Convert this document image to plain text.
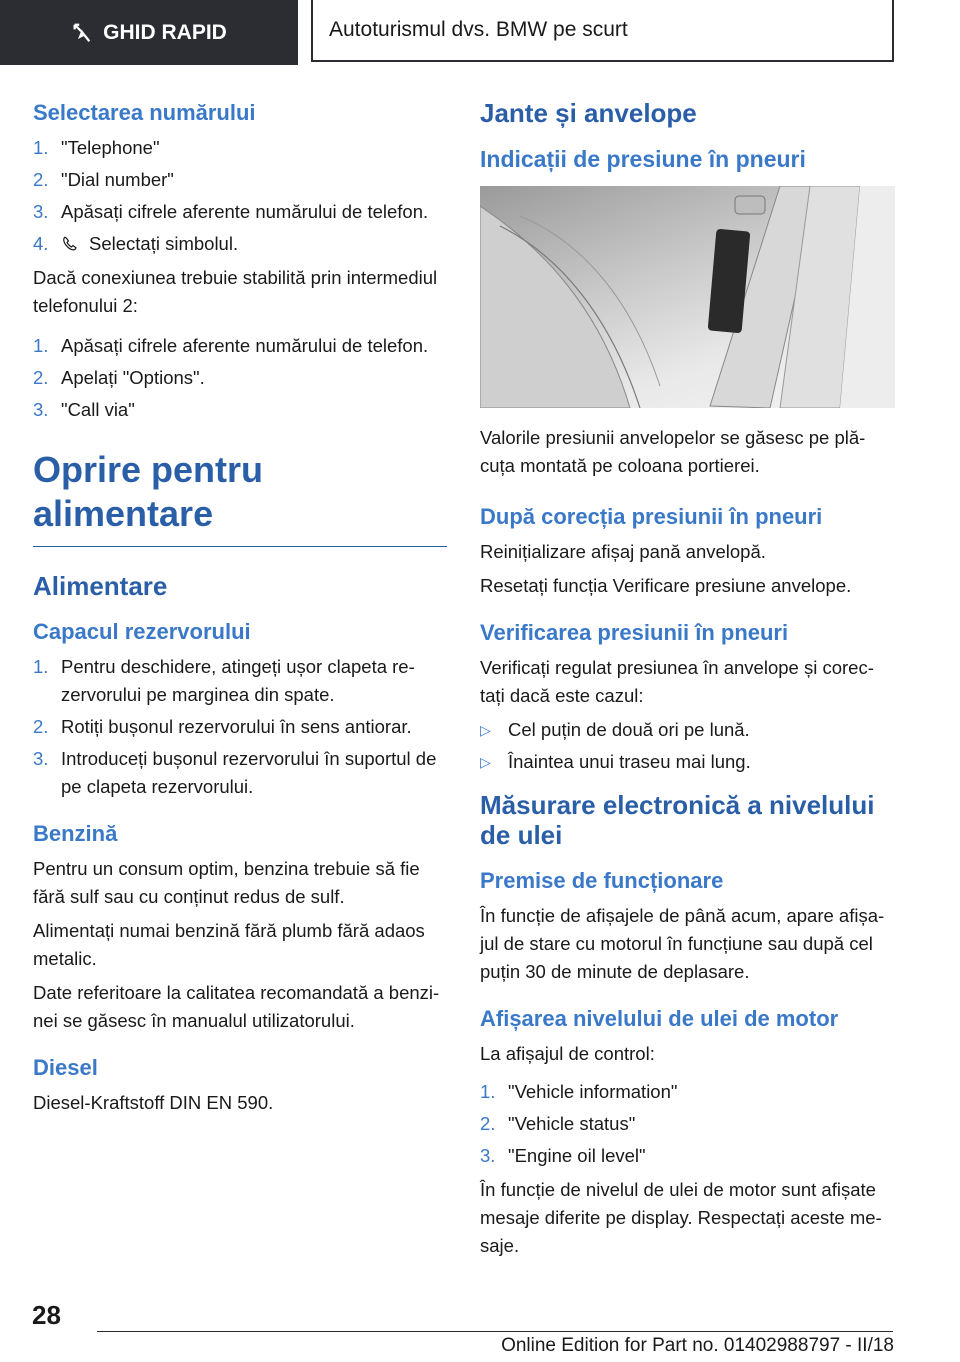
GHID RAPID	Autoturismul dvs. BMW pe scurt
Selectarea numărului
1. "Telephone"
2. "Dial number"
3. Apăsați cifrele aferente numărului de telefon.
4.	Selectați simbolul.
Dacă conexiunea trebuie stabilită prin intermediul telefonului 2:
1. Apăsați cifrele aferente numărului de telefon.
2. Apelați "Options".
3. "Call via"
Oprire pentru alimentare
Alimentare
Capacul rezervorului
1. Pentru deschidere, atingeți ușor clapeta re-zervorului pe marginea din spate.
2. Rotiți bușonul rezervorului în sens antiorar.
3. Introduceți bușonul rezervorului în suportul de pe clapeta rezervorului.
Benzină
Pentru un consum optim, benzina trebuie să fie fără sulf sau cu conținut redus de sulf.
Alimentați numai benzină fără plumb fără adaos metalic.
Date referitoare la calitatea recomandată a benzi-nei se găsesc în manualul utilizatorului.
Diesel
Diesel-Kraftstoff DIN EN 590.
Jante și anvelope
Indicații de presiune în pneuri
Valorile presiunii anvelopelor se găsesc pe plă-cuța montată pe coloana portierei.
După corecția presiunii în pneuri
Reinițializare afișaj pană anvelopă.
Resetați funcția Verificare presiune anvelope.
Verificarea presiunii în pneuri
Verificați regulat presiunea în anvelope și corec-tați dacă este cazul:
▷ Cel puțin de două ori pe lună.
▷ Înaintea unui traseu mai lung.
Măsurare electronică a nivelului de ulei
Premise de funcționare
În funcție de afișajele de până acum, apare afișa-jul de stare cu motorul în funcțiune sau după cel puțin 30 de minute de deplasare.
Afișarea nivelului de ulei de motor
La afișajul de control:
1. "Vehicle information"
2. "Vehicle status"
3. "Engine oil level"
În funcție de nivelul de ulei de motor sunt afișate mesaje diferite pe display. Respectați aceste me-saje.
28
Online Edition for Part no. 01402988797 - II/18
